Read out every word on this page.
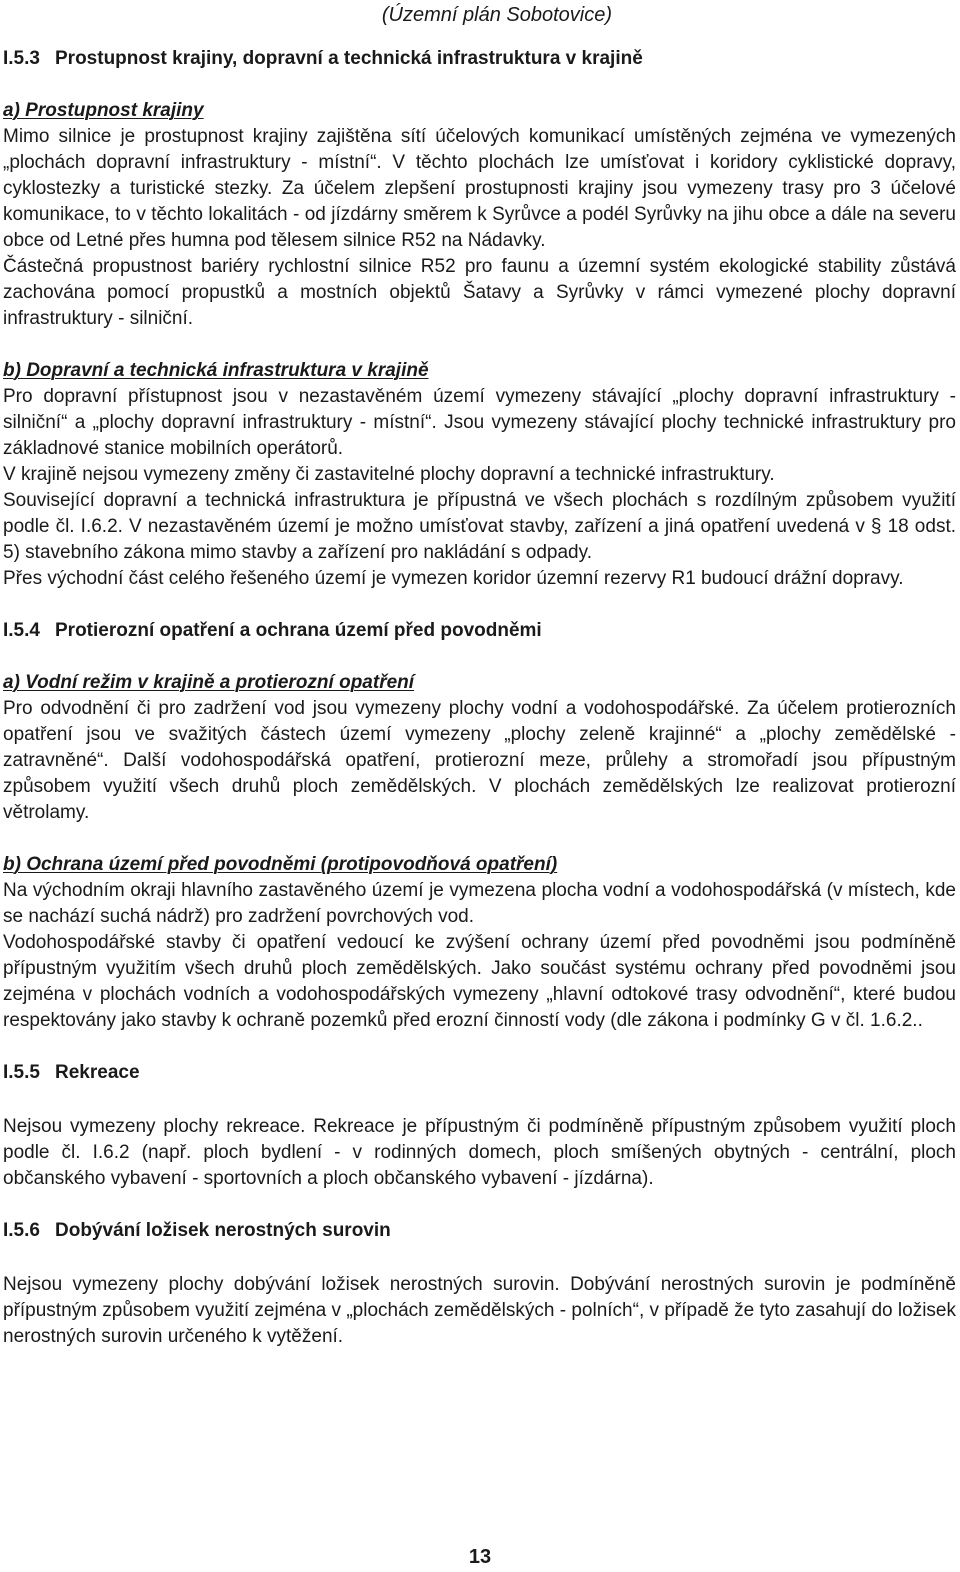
(Územní plán Sobotovice)
I.5.3 Prostupnost krajiny, dopravní a technická infrastruktura v krajině
a) Prostupnost krajiny

Mimo silnice je prostupnost krajiny zajištěna sítí účelových komunikací umístěných zejména ve vymezených „plochách dopravní infrastruktury - místní“. V těchto plochách lze umísťovat i koridory cyklistické dopravy, cyklostezky a turistické stezky. Za účelem zlepšení prostupnosti krajiny jsou vymezeny trasy pro 3 účelové komunikace, to v těchto lokalitách - od jízdárny směrem k Syrůvce a podél Syrůvky na jihu obce a dále na severu obce od Letné přes humna pod tělesem silnice R52 na Nádavky.

Částečná propustnost bariéry rychlostní silnice R52 pro faunu a územní systém ekologické stability zůstává zachována pomocí propustků a mostních objektů Šatavy a Syrůvky v rámci vymezené plochy dopravní infrastruktury - silniční.

b) Dopravní a technická infrastruktura v krajině

Pro dopravní přístupnost jsou v nezastavěném území vymezeny stávající „plochy dopravní infrastruktury - silniční“ a „plochy dopravní infrastruktury - místní“. Jsou vymezeny stávající plochy technické infrastruktury pro základnové stanice mobilních operátorů.

V krajině nejsou vymezeny změny či zastavitelné plochy dopravní a technické infrastruktury.

Související dopravní a technická infrastruktura je přípustná ve všech plochách s rozdílným způsobem využití podle čl. I.6.2. V nezastavěném území je možno umísťovat stavby, zařízení a jiná opatření uvedená v § 18 odst. 5) stavebního zákona mimo stavby a zařízení pro nakládání s odpady.

Přes východní část celého řešeného území je vymezen koridor územní rezervy R1 budoucí drážní dopravy.

I.5.4 Protierozní opatření a ochrana území před povodněmi
a) Vodní režim v krajině a protierozní opatření

Pro odvodnění či pro zadržení vod jsou vymezeny plochy vodní a vodohospodářské. Za účelem protierozních opatření jsou ve svažitých částech území vymezeny „plochy zeleně krajinné“ a „plochy zemědělské - zatravněné“. Další vodohospodářská opatření, protierozní meze, průlehy a stromořadí jsou přípustným způsobem využití všech druhů ploch zemědělských. V plochách zemědělských lze realizovat protierozní větrolamy.

b) Ochrana území před povodněmi (protipovodňová opatření)

Na východním okraji hlavního zastavěného území je vymezena plocha vodní a vodohospodářská (v místech, kde se nachází suchá nádrž) pro zadržení povrchových vod.

Vodohospodářské stavby či opatření vedoucí ke zvýšení ochrany území před povodněmi jsou podmíněně přípustným využitím všech druhů ploch zemědělských. Jako součást systému ochrany před povodněmi jsou zejména v plochách vodních a vodohospodářských vymezeny „hlavní odtokové trasy odvodnění“, které budou respektovány jako stavby k ochraně pozemků před erozní činností vody (dle zákona i podmínky G v čl. 1.6.2..

I.5.5 Rekreace

Nejsou vymezeny plochy rekreace. Rekreace je přípustným či podmíněně přípustným způsobem využití ploch podle čl. I.6.2 (např. ploch bydlení - v rodinných domech, ploch smíšených obytných - centrální, ploch občanského vybavení - sportovních a ploch občanského vybavení - jízdárna).

I.5.6 Dobývání ložisek nerostných surovin

Nejsou vymezeny plochy dobývání ložisek nerostných surovin. Dobývání nerostných surovin je podmíněně přípustným způsobem využití zejména v „plochách zemědělských - polních“, v případě že tyto zasahují do ložisek nerostných surovin určeného k vytěžení.

13
